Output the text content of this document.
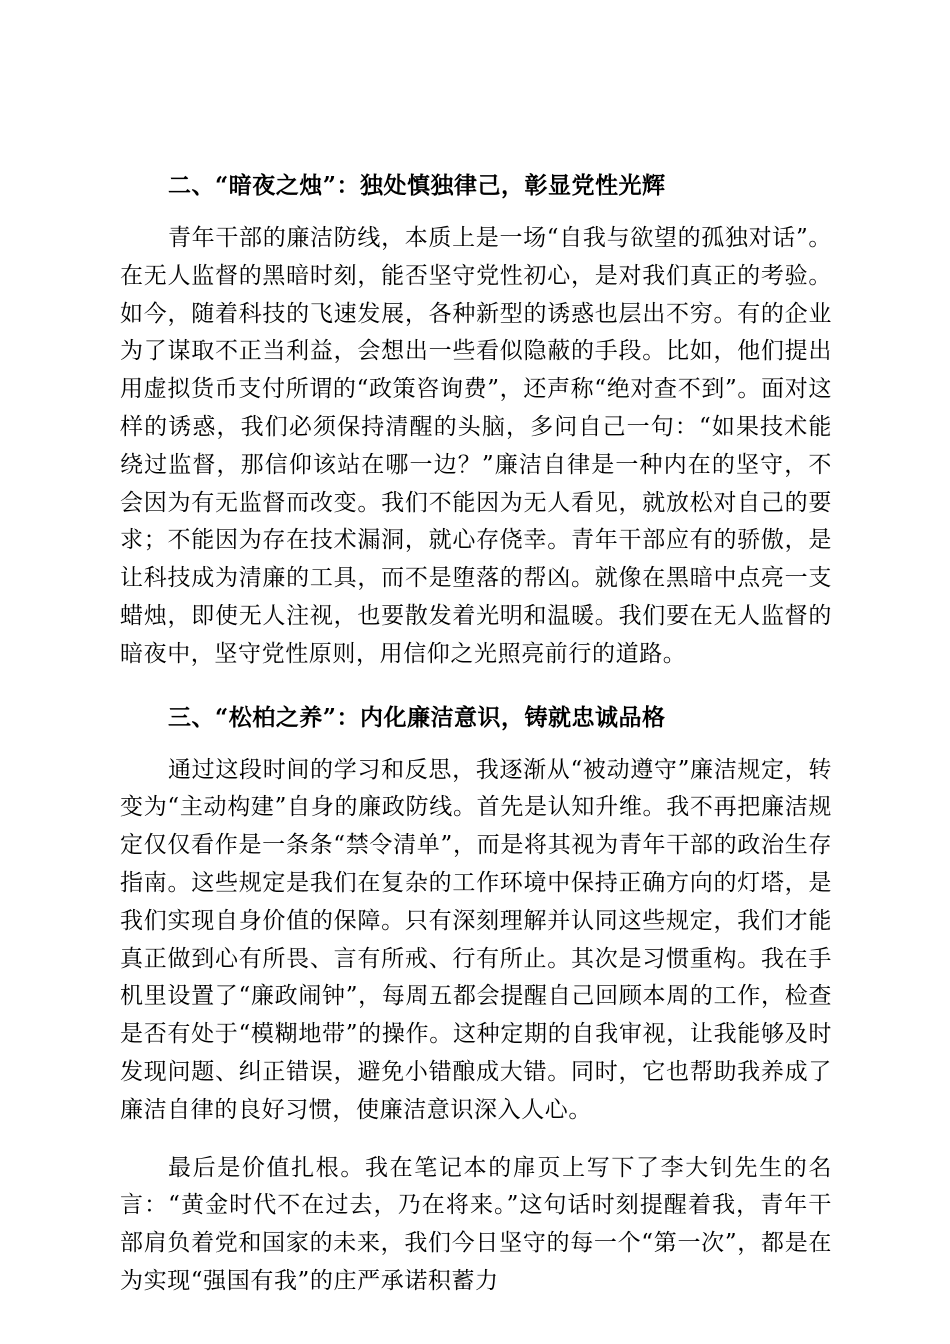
二、“暗夜之烛”：独处慎独律己，彰显党性光辉

青年干部的廉洁防线，本质上是一场“自我与欲望的孤独对话”。在无人监督的黑暗时刻，能否坚守党性初心，是对我们真正的考验。如今，随着科技的飞速发展，各种新型的诱惑也层出不穷。有的企业为了谋取不正当利益，会想出一些看似隐蔽的手段。比如，他们提出用虚拟货币支付所谓的“政策咨询费”，还声称“绝对查不到”。面对这样的诱惑，我们必须保持清醒的头脑，多问自己一句：“如果技术能绕过监督，那信仰该站在哪一边？”廉洁自律是一种内在的坚守，不会因为有无监督而改变。我们不能因为无人看见，就放松对自己的要求；不能因为存在技术漏洞，就心存侥幸。青年干部应有的骄傲，是让科技成为清廉的工具，而不是堕落的帮凶。就像在黑暗中点亮一支蜡烛，即使无人注视，也要散发着光明和温暖。我们要在无人监督的暗夜中，坚守党性原则，用信仰之光照亮前行的道路。

三、“松柏之养”：内化廉洁意识，铸就忠诚品格

通过这段时间的学习和反思，我逐渐从“被动遵守”廉洁规定，转变为“主动构建”自身的廉政防线。首先是认知升维。我不再把廉洁规定仅仅看作是一条条“禁令清单”，而是将其视为青年干部的政治生存指南。这些规定是我们在复杂的工作环境中保持正确方向的灯塔，是我们实现自身价值的保障。只有深刻理解并认同这些规定，我们才能真正做到心有所畏、言有所戒、行有所止。其次是习惯重构。我在手机里设置了“廉政闹钟”，每周五都会提醒自己回顾本周的工作，检查是否有处于“模糊地带”的操作。这种定期的自我审视，让我能够及时发现问题、纠正错误，避免小错酿成大错。同时，它也帮助我养成了廉洁自律的良好习惯，使廉洁意识深入人心。

最后是价值扎根。我在笔记本的扉页上写下了李大钊先生的名言：“黄金时代不在过去，乃在将来。”这句话时刻提醒着我，青年干部肩负着党和国家的未来，我们今日坚守的每一个“第一次”，都是在为实现“强国有我”的庄严承诺积蓄力
